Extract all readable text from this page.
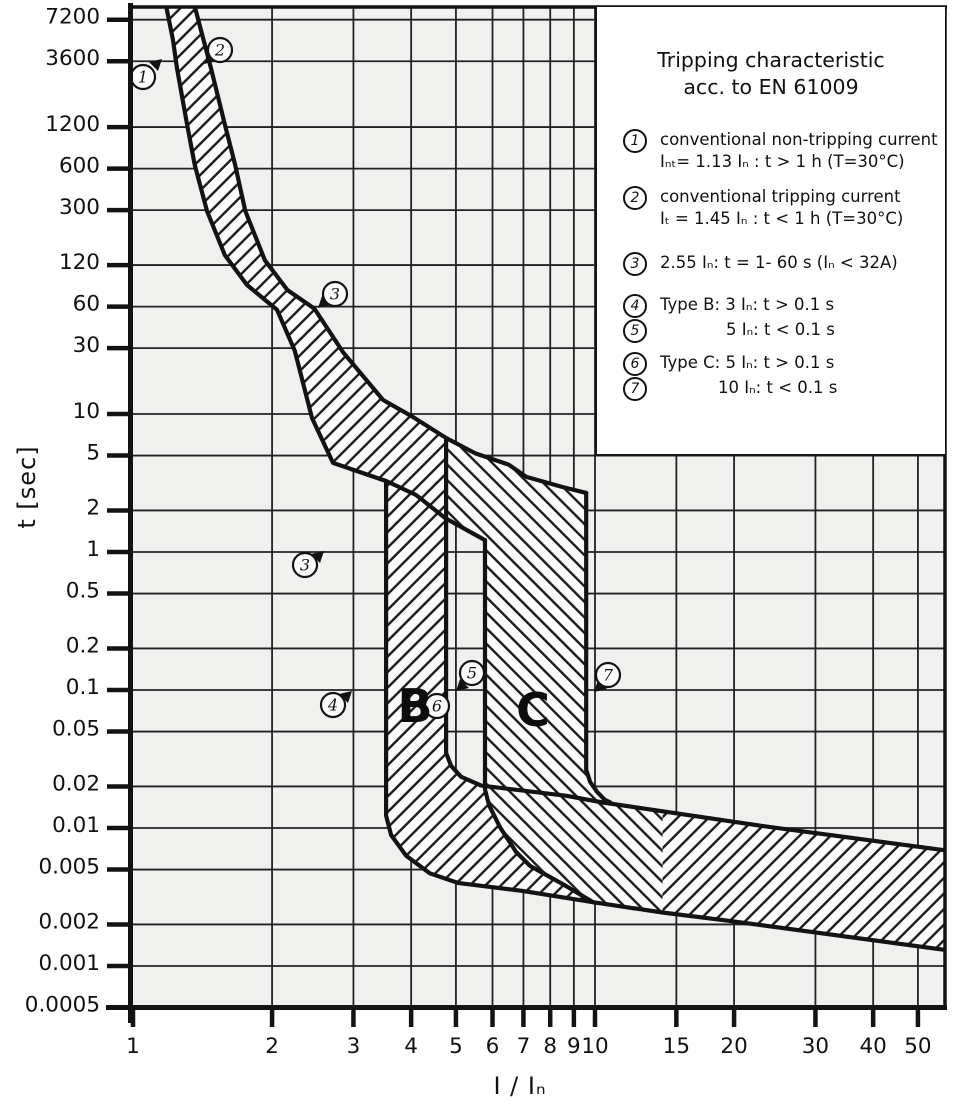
1
2
3
3
4
5
6
7
B C
7200
3600
1200
600
300
120
60
30
10
5
2
1
0.5
0.2
0.1
0.05
0.02
0.01
0.005
0.002
0.001
0.0005
1	2	3 4 5 6 7 8 9 10	15 20	30 40 50
Tripping characteristic
acc. to EN 61009
1	conventional non-tripping current
Iₙₜ= 1.13 Iₙ : t > 1 h (T=30°C)
2	conventional tripping current
Iₜ = 1.45 Iₙ : t < 1 h (T=30°C)
3	2.55 Iₙ: t = 1- 60 s (Iₙ < 32A)
4	Type B: 3 Iₙ: t > 0.1 s
5	5 Iₙ: t < 0.1 s
6	Type C: 5 Iₙ: t > 0.1 s
7	10 Iₙ: t < 0.1 s
t [sec]
I / Iₙ
